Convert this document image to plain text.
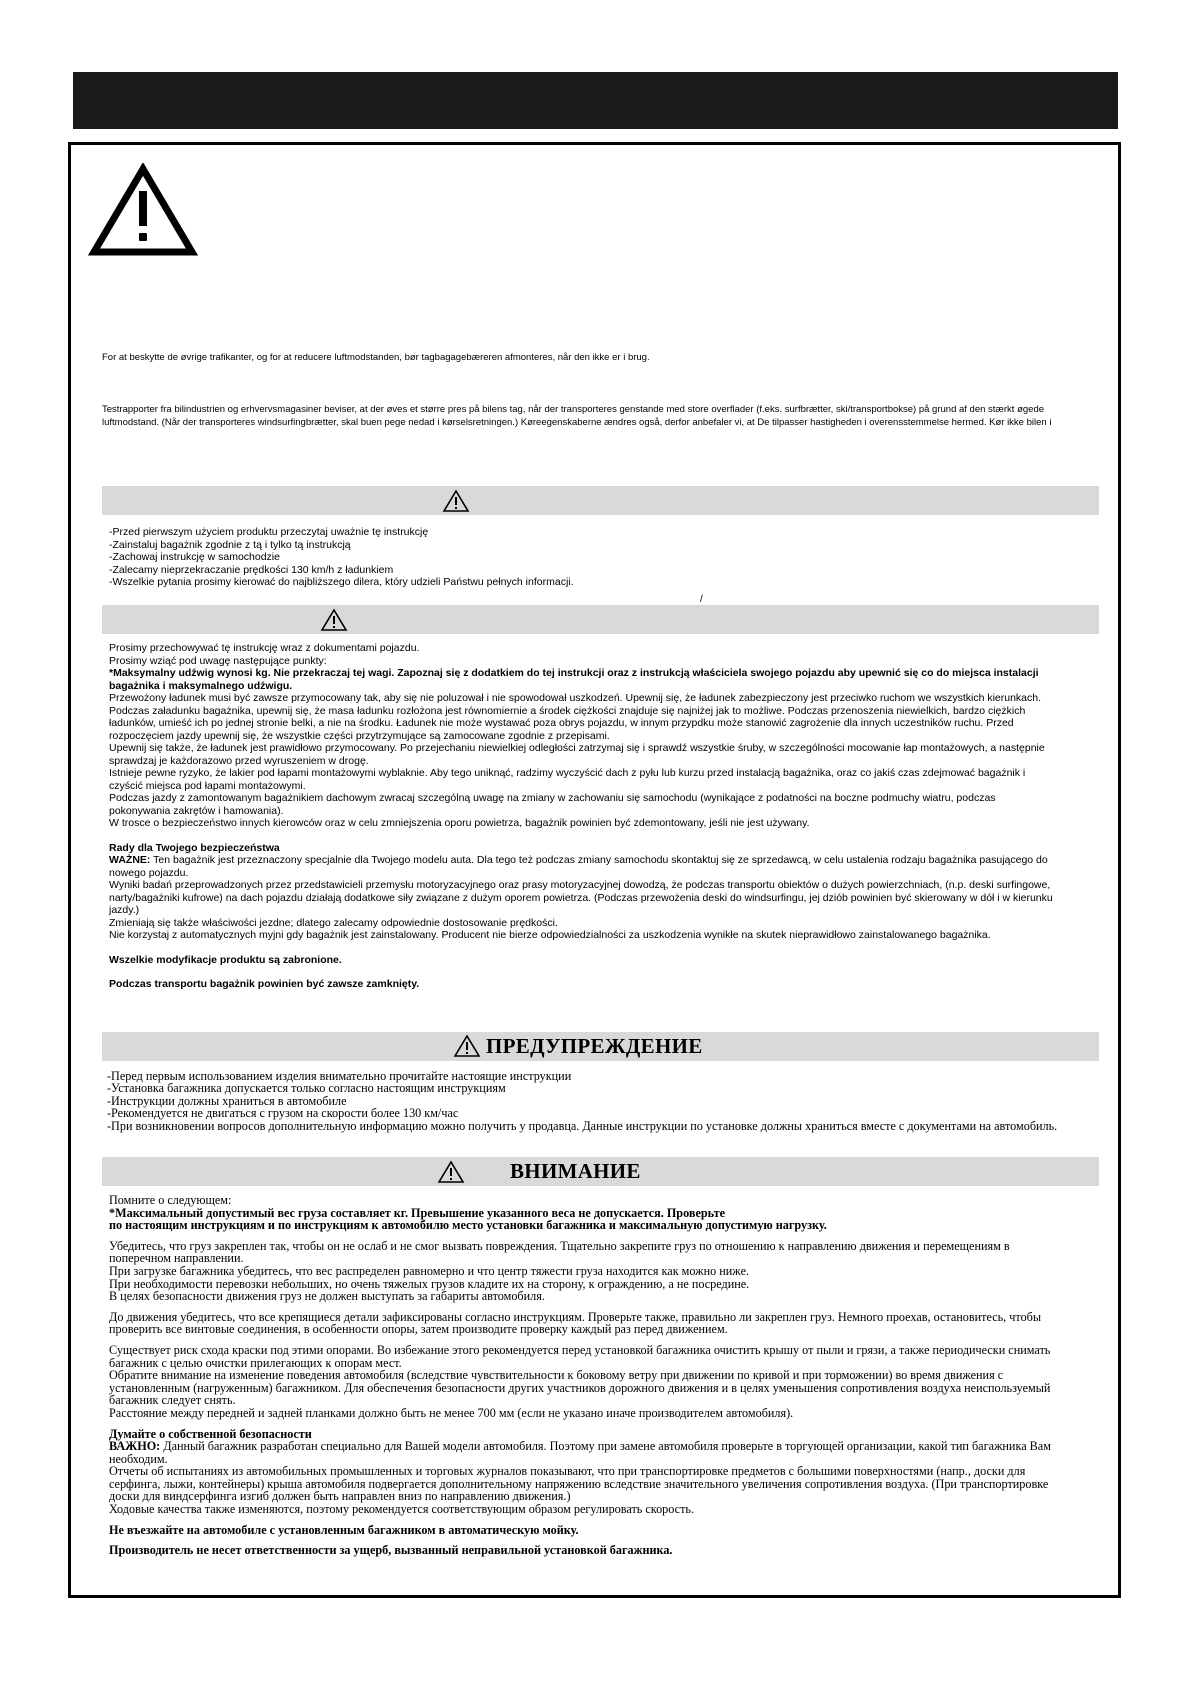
For at beskytte de øvrige trafikanter, og for at reducere luftmodstanden, bør tagbagagebæreren afmonteres, når den ikke er i brug.
Testrapporter fra bilindustrien og erhvervsmagasiner beviser, at der øves et større pres på bilens tag, når der transporteres genstande med store overflader (f.eks. surfbrætter, ski/transportbokse) på grund af den stærkt øgede
luftmodstand. (Når der transporteres windsurfingbrætter, skal buen pege nedad i kørselsretningen.) Køreegenskaberne ændres også, derfor anbefaler vi, at De tilpasser hastigheden i overensstemmelse hermed. Kør ikke bilen i
-Przed pierwszym użyciem produktu przeczytaj uważnie tę instrukcję
-Zainstaluj bagażnik zgodnie z tą i tylko tą instrukcją
-Zachowaj instrukcję w samochodzie
-Zalecamy nieprzekraczanie prędkości 130 km/h z ładunkiem
-Wszelkie pytania prosimy kierować do najbliższego dilera, który udzieli Państwu pełnych informacji.
/

Prosimy przechowywać tę instrukcję wraz z dokumentami pojazdu.

Prosimy wziąć pod uwagę następujące punkty:

*Maksymalny udźwig wynosi kg. Nie przekraczaj tej wagi. Zapoznaj się z dodatkiem do tej instrukcji oraz z instrukcją właściciela swojego pojazdu aby upewnić się co do miejsca instalacji bagażnika i maksymalnego udźwigu.

Przewożony ładunek musi być zawsze przymocowany tak, aby się nie poluzował i nie spowodował uszkodzeń. Upewnij się, że ładunek zabezpieczony jest przeciwko ruchom we wszystkich kierunkach.

Podczas załadunku bagażnika, upewnij się, że masa ładunku rozłożona jest równomiernie a środek ciężkości znajduje się najniżej jak to możliwe. Podczas przenoszenia niewielkich, bardzo ciężkich ładunków, umieść ich po jednej stronie belki, a nie na środku. Ładunek nie może wystawać poza obrys pojazdu, w innym przypdku może stanowić zagrożenie dla innych uczestników ruchu. Przed rozpoczęciem jazdy upewnij się, że wszystkie części przytrzymujące są zamocowane zgodnie z przepisami.

Upewnij się także, że ładunek jest prawidłowo przymocowany. Po przejechaniu niewielkiej odległości zatrzymaj się i sprawdź wszystkie śruby, w szczególności mocowanie łap montażowych, a następnie sprawdzaj je każdorazowo przed wyruszeniem w drogę.

Istnieje pewne ryzyko, że lakier pod łapami montażowymi wyblaknie. Aby tego uniknąć, radzimy wyczyścić dach z pyłu lub kurzu przed instalacją bagażnika, oraz co jakiś czas zdejmować bagażnik i czyścić miejsca pod łapami montażowymi.

Podczas jazdy z zamontowanym bagażnikiem dachowym zwracaj szczególną uwagę na zmiany w zachowaniu się samochodu (wynikające z podatności na boczne podmuchy wiatru, podczas pokonywania zakrętów i hamowania).

W trosce o bezpieczeństwo innych kierowców oraz w celu zmniejszenia oporu powietrza, bagażnik powinien być zdemontowany, jeśli nie jest używany.

Rady dla Twojego bezpieczeństwa

WAŻNE: Ten bagażnik jest przeznaczony specjalnie dla Twojego modelu auta. Dla tego też podczas zmiany samochodu skontaktuj się ze sprzedawcą, w celu ustalenia rodzaju bagażnika pasującego do nowego pojazdu.

Wyniki badań przeprowadzonych przez przedstawicieli przemysłu motoryzacyjnego oraz prasy motoryzacyjnej dowodzą, że podczas transportu obiektów o dużych powierzchniach, (n.p. deski surfingowe, narty/bagażniki kufrowe) na dach pojazdu działają dodatkowe siły związane z dużym oporem powietrza. (Podczas przewożenia deski do windsurfingu, jej dziób powinien być skierowany w dół i w kierunku jazdy.)

Zmieniają się także właściwości jezdne; dlatego zalecamy odpowiednie dostosowanie prędkości.

Nie korzystaj z automatycznych myjni gdy bagażnik jest zainstalowany. Producent nie bierze odpowiedzialności za uszkodzenia wynikłe na skutek nieprawidłowo zainstalowanego bagażnika.

Wszelkie modyfikacje produktu są zabronione.

Podczas transportu bagażnik powinien być zawsze zamknięty.

ПРЕДУПРЕЖДЕНИЕ
-Перед первым использованием изделия внимательно прочитайте настоящие инструкции
-Установка багажника допускается только согласно настоящим инструкциям
-Инструкции должны храниться в автомобиле
-Рекомендуется не двигаться с грузом на скорости более 130 км/час
-При возникновении вопросов дополнительную информацию можно получить у продавца. Данные инструкции по установке должны храниться вместе с документами на автомобиль.
ВНИМАНИЕ

Помните о следующем:

*Максимальный допустимый вес груза составляет кг. Превышение указанного веса не допускается. Проверьте

по настоящим инструкциям и по инструкциям к автомобилю место установки багажника и максимальную допустимую нагрузку.

Убедитесь, что груз закреплен так, чтобы он не ослаб и не смог вызвать повреждения. Тщательно закрепите груз по отношению к направлению движения и перемещениям в поперечном направлении.

При загрузке багажника убедитесь, что вес распределен равномерно и что центр тяжести груза находится как можно ниже.

При необходимости перевозки небольших, но очень тяжелых грузов кладите их на сторону, к ограждению, а не посредине.

В целях безопасности движения груз не должен выступать за габариты автомобиля.

До движения убедитесь, что все крепящиеся детали зафиксированы согласно инструкциям. Проверьте также, правильно ли закреплен груз. Немного проехав, остановитесь, чтобы проверить все винтовые соединения, в особенности опоры, затем производите проверку каждый раз перед движением.

Существует риск схода краски под этими опорами. Во избежание этого рекомендуется перед установкой багажника очистить крышу от пыли и грязи, а также периодически снимать багажник с целью очистки прилегающих к опорам мест.

Обратите внимание на изменение поведения автомобиля (вследствие чувствительности к боковому ветру при движении по кривой и при торможении) во время движения с установленным (нагруженным) багажником. Для обеспечения безопасности других участников дорожного движения и в целях уменьшения сопротивления воздуха неиспользуемый багажник следует снять.

Расстояние между передней и задней планками должно быть не менее 700 мм (если не указано иначе производителем автомобиля).

Думайте о собственной безопасности

ВАЖНО: Данный багажник разработан специально для Вашей модели автомобиля. Поэтому при замене автомобиля проверьте в торгующей организации, какой тип багажника Вам необходим.

Отчеты об испытаниях из автомобильных промышленных и торговых журналов показывают, что при транспортировке предметов с большими поверхностями (напр., доски для серфинга, лыжи, контейнеры) крыша автомобиля подвергается дополнительному напряжению вследствие значительного увеличения сопротивления воздуха. (При транспортировке доски для виндсерфинга изгиб должен быть направлен вниз по направлению движения.)

Ходовые качества также изменяются, поэтому рекомендуется соответствующим образом регулировать скорость.

Не въезжайте на автомобиле с установленным багажником в автоматическую мойку.

Производитель не несет ответственности за ущерб, вызванный неправильной установкой багажника.
